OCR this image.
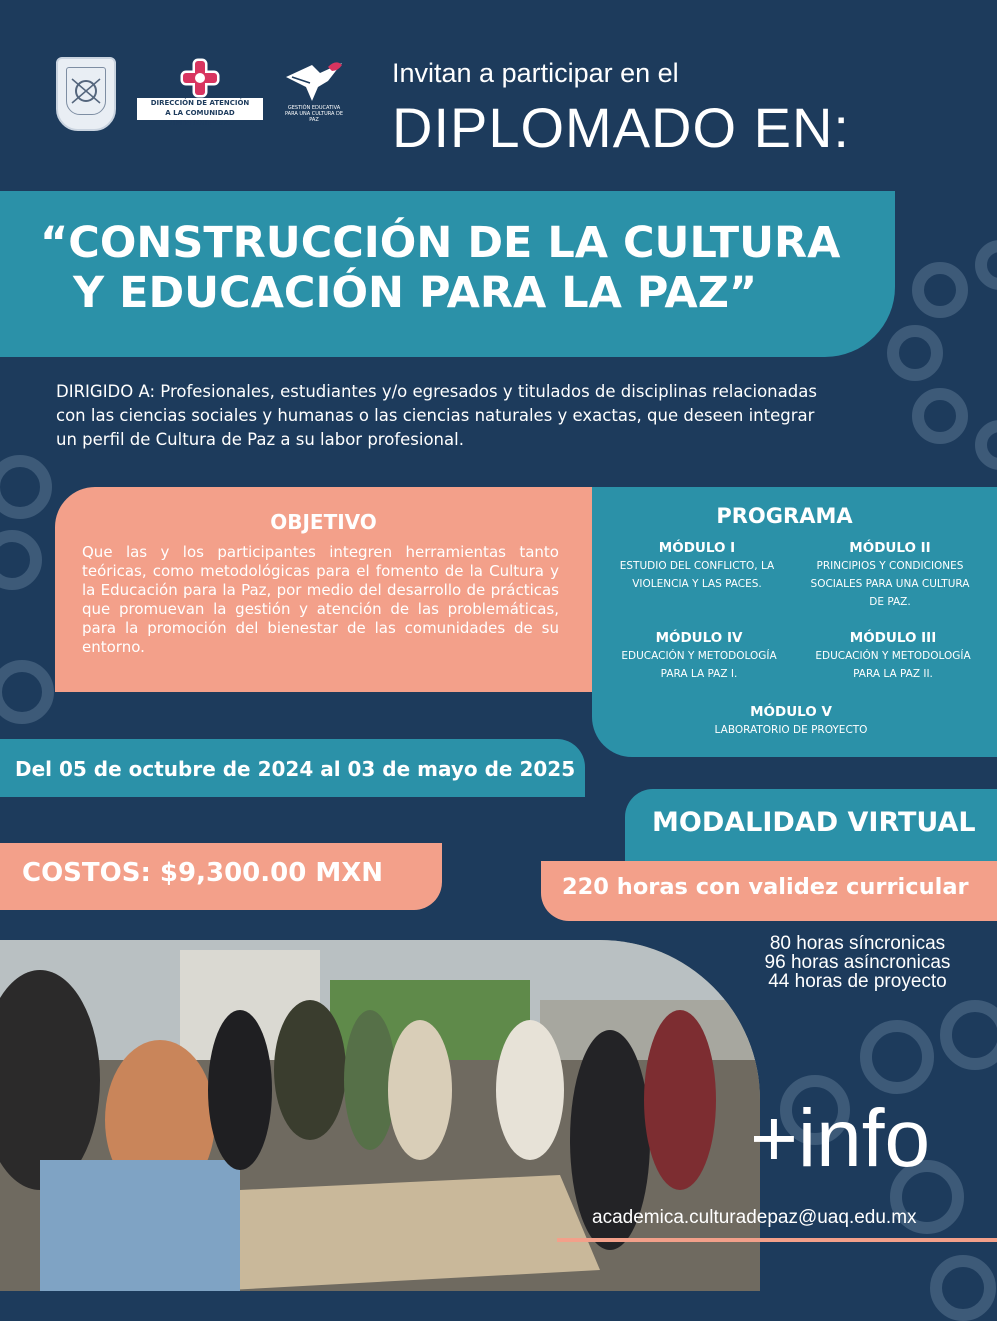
DIRECCIÓN DE ATENCIÓN
A LA COMUNIDAD UNIVERSITARIA
GESTIÓN EDUCATIVA PARA UNA CULTURA DE PAZ
Invitan a participar en el
DIPLOMADO EN:
“CONSTRUCCIÓN DE LA CULTURA
Y EDUCACIÓN PARA LA PAZ”
DIRIGIDO A: Profesionales, estudiantes y/o egresados y titulados de disciplinas relacionadas con las ciencias sociales y humanas o las ciencias naturales y exactas, que deseen integrar un perfil de Cultura de Paz a su labor profesional.
OBJETIVO
Que las y los participantes integren herramientas tanto teóricas, como metodológicas para el fomento de la Cultura y la Educación para la Paz, por medio del desarrollo de prácticas que promuevan la gestión y atención de las problemáticas, para la promoción del bienestar de las comunidades de su entorno.
PROGRAMA
MÓDULO I
ESTUDIO DEL CONFLICTO, LA
VIOLENCIA Y LAS PACES.
MÓDULO II
PRINCIPIOS Y CONDICIONES
SOCIALES PARA UNA CULTURA
DE PAZ.
MÓDULO IV
EDUCACIÓN Y METODOLOGÍA
PARA LA PAZ I.
MÓDULO III
EDUCACIÓN Y METODOLOGÍA
PARA LA PAZ II.
MÓDULO V
LABORATORIO DE PROYECTO
Del 05 de octubre de 2024 al 03 de mayo de 2025
MODALIDAD VIRTUAL
COSTOS: $9,300.00 MXN	220 horas con validez curricular
80 horas síncronicas
96 horas asíncronicas
44 horas de proyecto
+info
academica.culturadepaz@uaq.edu.mx
